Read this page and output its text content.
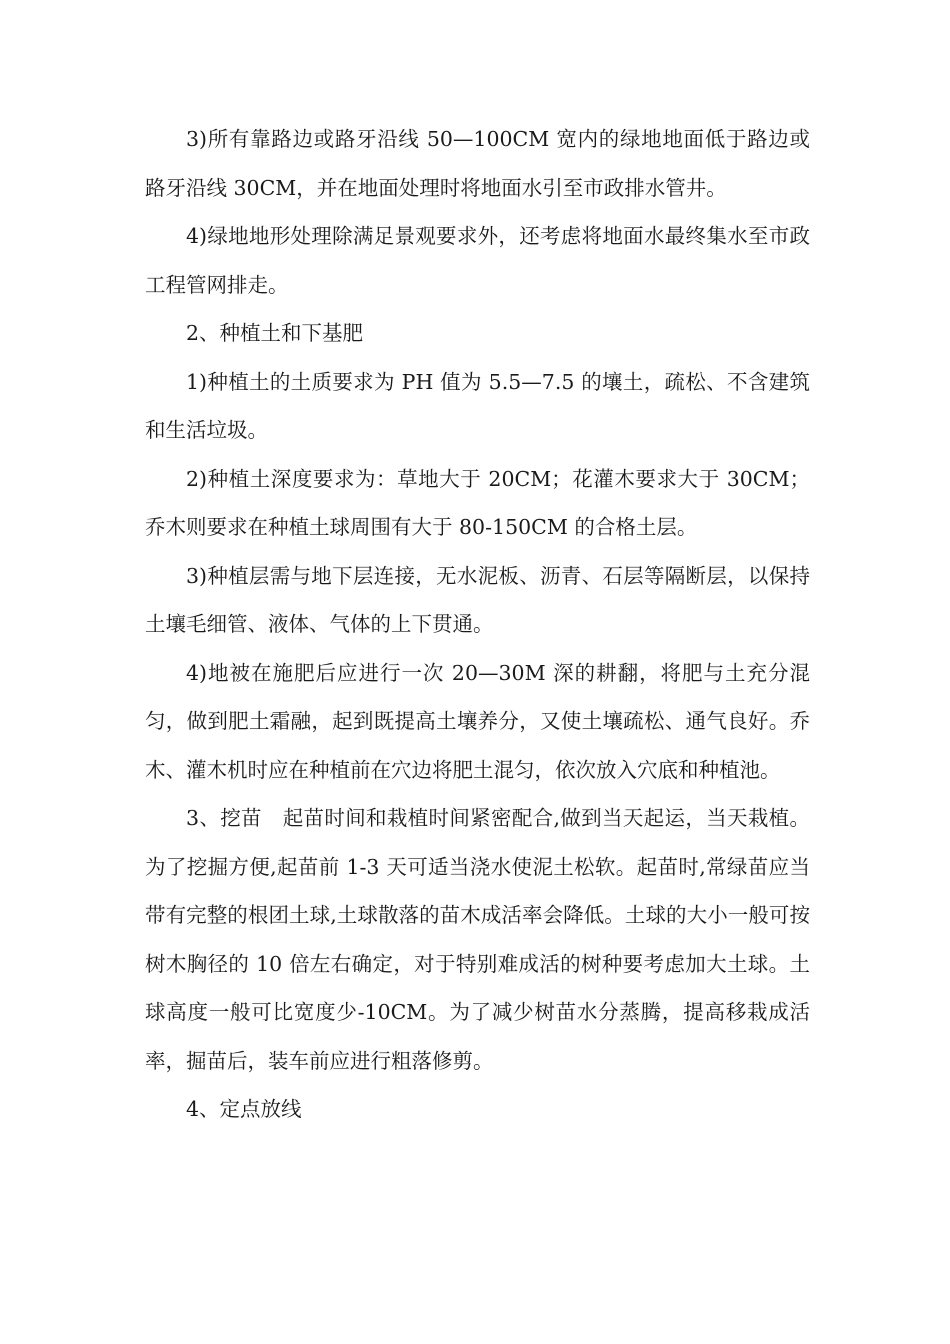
3)所有靠路边或路牙沿线 50—100CM 宽内的绿地地面低于路边或路牙沿线 30CM，并在地面处理时将地面水引至市政排水管井。

4)绿地地形处理除满足景观要求外，还考虑将地面水最终集水至市政工程管网排走。

2、种植土和下基肥

1)种植土的土质要求为 PH 值为 5.5—7.5 的壤土，疏松、不含建筑和生活垃圾。

2)种植土深度要求为：草地大于 20CM；花灌木要求大于 30CM；乔木则要求在种植土球周围有大于 80-150CM 的合格土层。

3)种植层需与地下层连接，无水泥板、沥青、石层等隔断层，以保持土壤毛细管、液体、气体的上下贯通。

4)地被在施肥后应进行一次 20—30M 深的耕翻，将肥与土充分混匀，做到肥土霜融，起到既提高土壤养分，又使土壤疏松、通气良好。乔木、灌木机时应在种植前在穴边将肥土混匀，依次放入穴底和种植池。

3、挖苗　起苗时间和栽植时间紧密配合,做到当天起运，当天栽植。为了挖掘方便,起苗前 1-3 天可适当浇水使泥土松软。起苗时,常绿苗应当带有完整的根团土球,土球散落的苗木成活率会降低。土球的大小一般可按树木胸径的 10 倍左右确定，对于特别难成活的树种要考虑加大土球。土球高度一般可比宽度少-10CM。为了减少树苗水分蒸腾，提高移栽成活率，掘苗后，装车前应进行粗落修剪。

4、定点放线
